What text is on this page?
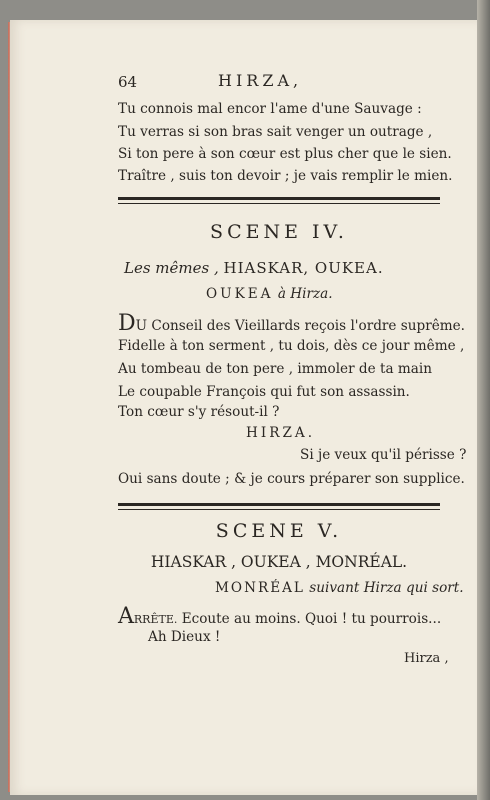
64	HIRZA,

Tu connois mal encor l'ame d'une Sauvage :

Tu verras si son bras sait venger un outrage ,

Si ton pere à son cœur est plus cher que le sien.

Traître , suis ton devoir ; je vais remplir le mien.

SCENE IV.

Les mêmes , HIASKAR, OUKEA.

OUKEA à Hirza.

DU Conseil des Vieillards reçois l'ordre suprême.

Fidelle à ton serment , tu dois, dès ce jour même ,

Au tombeau de ton pere , immoler de ta main

Le coupable François qui fut son assassin.

Ton cœur s'y résout-il ?

HIRZA.

Si je veux qu'il périsse ?

Oui sans doute ; & je cours préparer son supplice.

SCENE V.

HIASKAR , OUKEA , MONRÉAL.

MONRÉAL suivant Hirza qui sort.

ARRÊTE. Ecoute au moins. Quoi ! tu pourrois...

Ah Dieux !

Hirza ,
